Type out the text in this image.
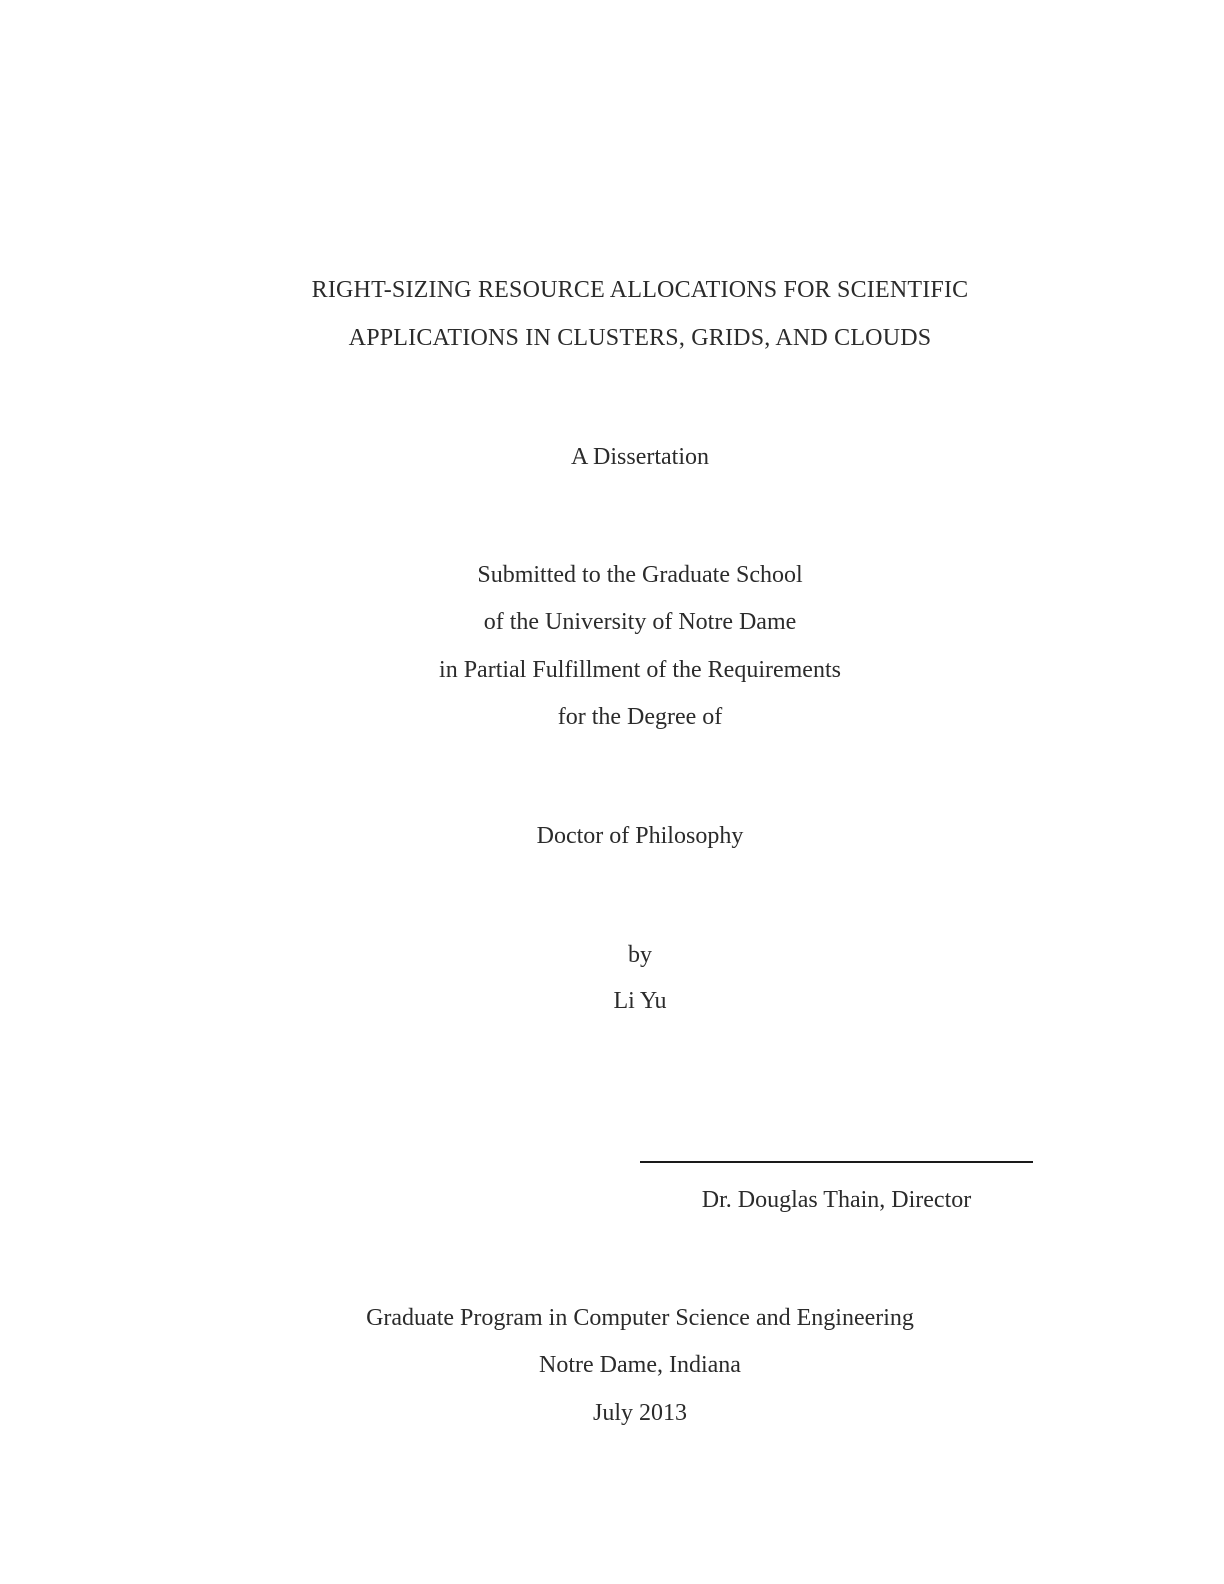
RIGHT-SIZING RESOURCE ALLOCATIONS FOR SCIENTIFIC
APPLICATIONS IN CLUSTERS, GRIDS, AND CLOUDS
A Dissertation
Submitted to the Graduate School
of the University of Notre Dame
in Partial Fulfillment of the Requirements
for the Degree of
Doctor of Philosophy
by
Li Yu
Dr. Douglas Thain, Director
Graduate Program in Computer Science and Engineering
Notre Dame, Indiana
July 2013
